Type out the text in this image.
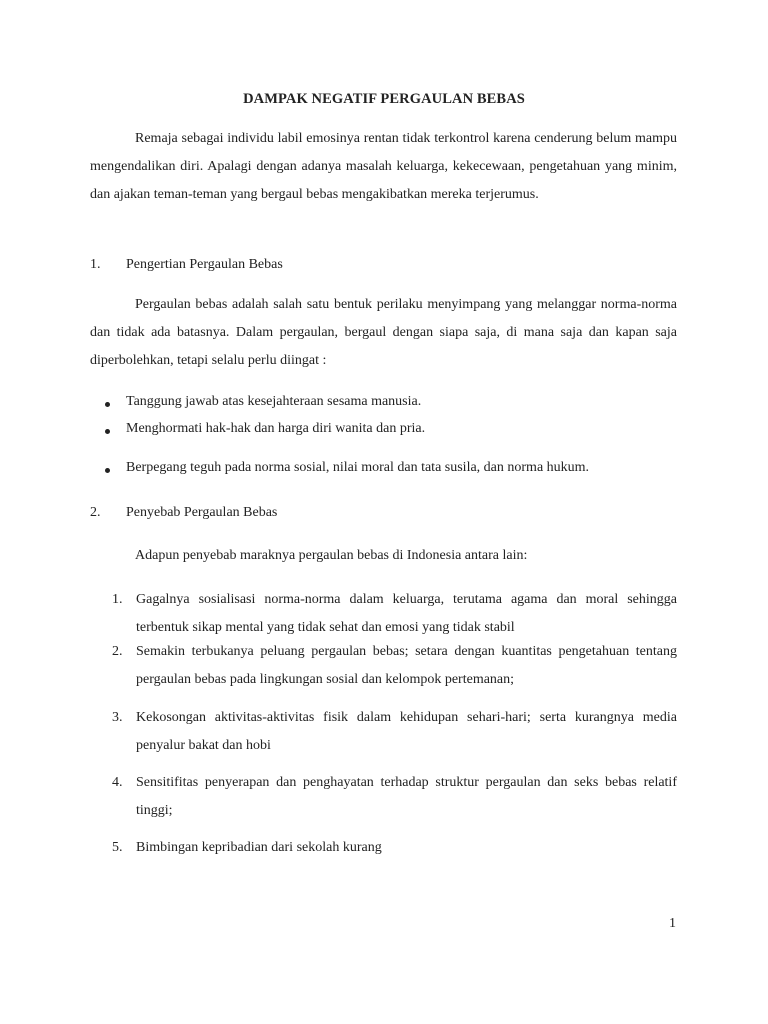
DAMPAK NEGATIF PERGAULAN BEBAS

Remaja sebagai individu labil emosinya rentan tidak terkontrol karena cenderung belum mampu mengendalikan diri. Apalagi dengan adanya masalah keluarga, kekecewaan, pengetahuan yang minim, dan ajakan teman-teman yang bergaul bebas mengakibatkan mereka terjerumus.

1. Pengertian Pergaulan Bebas

Pergaulan bebas adalah salah satu bentuk perilaku menyimpang yang melanggar norma-norma dan tidak ada batasnya. Dalam pergaulan, bergaul dengan siapa saja, di mana saja dan kapan saja diperbolehkan, tetapi selalu perlu diingat :

Tanggung jawab atas kesejahteraan sesama manusia.
Menghormati hak-hak dan harga diri wanita dan pria.
Berpegang teguh pada norma sosial, nilai moral dan tata susila, dan norma hukum.
2. Penyebab Pergaulan Bebas
Adapun penyebab maraknya pergaulan bebas di Indonesia antara lain:
1. Gagalnya sosialisasi norma-norma dalam keluarga, terutama agama dan moral sehingga terbentuk sikap mental yang tidak sehat dan emosi yang tidak stabil
2. Semakin terbukanya peluang pergaulan bebas; setara dengan kuantitas pengetahuan tentang pergaulan bebas pada lingkungan sosial dan kelompok pertemanan;
3. Kekosongan aktivitas-aktivitas fisik dalam kehidupan sehari-hari; serta kurangnya media penyalur bakat dan hobi
4. Sensitifitas penyerapan dan penghayatan terhadap struktur pergaulan dan seks bebas relatif tinggi;
5. Bimbingan kepribadian dari sekolah kurang
1
